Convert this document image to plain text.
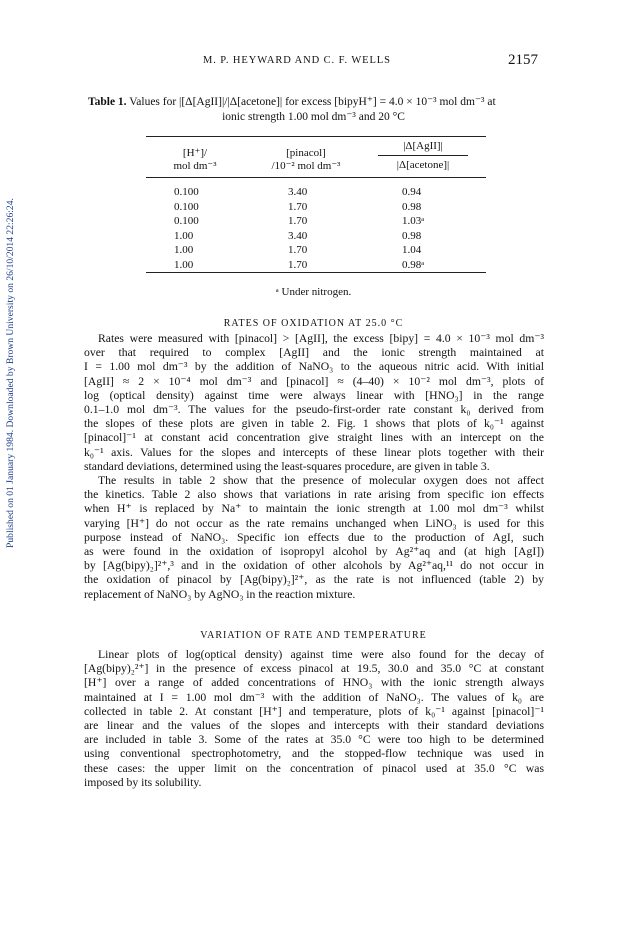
Published on 01 January 1984. Downloaded by Brown University on 26/10/2014 22:26:24.
M. P. HEYWARD AND C. F. WELLS	2157
Table 1. Values for |[Δ[AgII]|/|Δ[acetone]| for excess [bipyH⁺] = 4.0 × 10⁻³ mol dm⁻³ at
ionic strength 1.00 mol dm⁻³ and 20 °C
[H⁺]/
mol dm⁻³
[pinacol]
/10⁻² mol dm⁻³
|Δ[AgII]|
|Δ[acetone]|
0.100	3.40	0.94
0.100	1.70	0.98
0.100	1.70	1.03ᵃ
1.00	3.40	0.98
1.00	1.70	1.04
1.00	1.70	0.98ᵃ
ᵃ Under nitrogen.
RATES OF OXIDATION AT 25.0 °C
Rates were measured with [pinacol] > [AgII], the excess [bipy] = 4.0 × 10⁻³ mol dm⁻³
over that required to complex [AgII] and the ionic strength maintained at
I = 1.00 mol dm⁻³ by the addition of NaNO₃ to the aqueous nitric acid. With initial
[AgII] ≈ 2 × 10⁻⁴ mol dm⁻³ and [pinacol] ≈ (4–40) × 10⁻² mol dm⁻³, plots of
log (optical density) against time were always linear with [HNO₃] in the range
0.1–1.0 mol dm⁻³. The values for the pseudo-first-order rate constant k₀ derived from
the slopes of these plots are given in table 2. Fig. 1 shows that plots of k₀⁻¹ against
[pinacol]⁻¹ at constant acid concentration give straight lines with an intercept on the
k₀⁻¹ axis. Values for the slopes and intercepts of these linear plots together with their
standard deviations, determined using the least-squares procedure, are given in table 3.
The results in table 2 show that the presence of molecular oxygen does not affect
the kinetics. Table 2 also shows that variations in rate arising from specific ion effects
when H⁺ is replaced by Na⁺ to maintain the ionic strength at 1.00 mol dm⁻³ whilst
varying [H⁺] do not occur as the rate remains unchanged when LiNO₃ is used for this
purpose instead of NaNO₃. Specific ion effects due to the production of AgI, such
as were found in the oxidation of isopropyl alcohol by Ag²⁺aq and (at high [AgI])
by [Ag(bipy)₂]²⁺,³ and in the oxidation of other alcohols by Ag²⁺aq,¹¹ do not occur in
the oxidation of pinacol by [Ag(bipy)₂]²⁺, as the rate is not influenced (table 2) by
replacement of NaNO₃ by AgNO₃ in the reaction mixture.
VARIATION OF RATE AND TEMPERATURE
Linear plots of log(optical density) against time were also found for the decay of
[Ag(bipy)₂²⁺] in the presence of excess pinacol at 19.5, 30.0 and 35.0 °C at constant
[H⁺] over a range of added concentrations of HNO₃ with the ionic strength always
maintained at I = 1.00 mol dm⁻³ with the addition of NaNO₃. The values of k₀ are
collected in table 2. At constant [H⁺] and temperature, plots of k₀⁻¹ against [pinacol]⁻¹
are linear and the values of the slopes and intercepts with their standard deviations
are included in table 3. Some of the rates at 35.0 °C were too high to be determined
using conventional spectrophotometry, and the stopped-flow technique was used in
these cases: the upper limit on the concentration of pinacol used at 35.0 °C was
imposed by its solubility.
